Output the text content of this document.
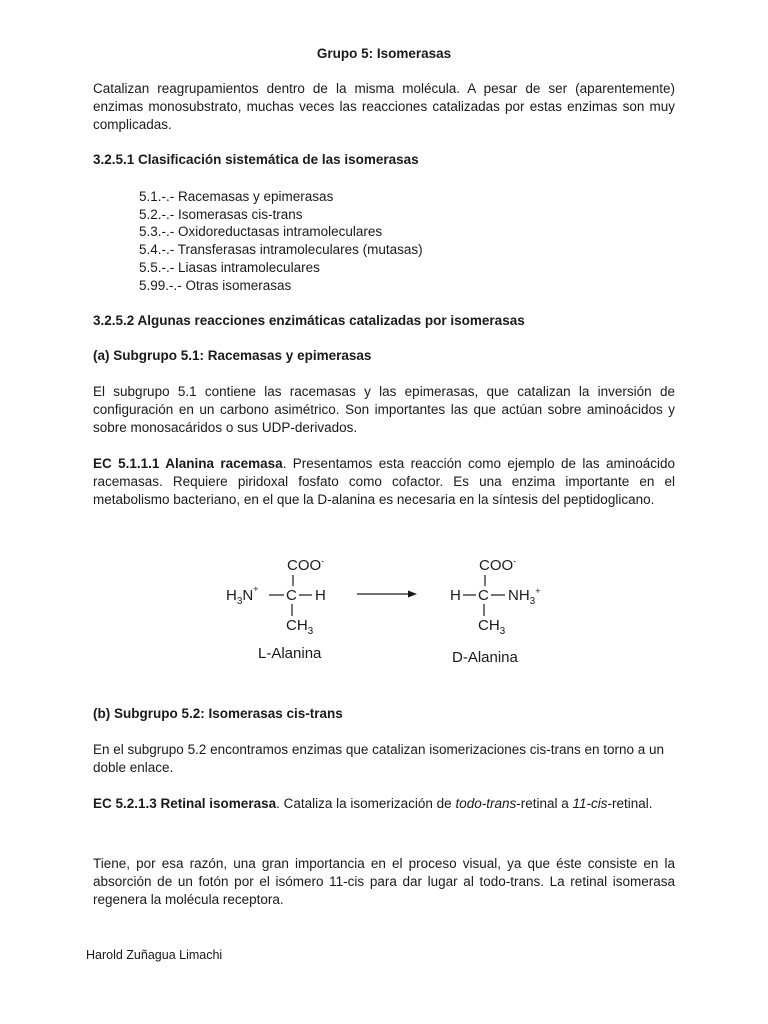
Grupo 5: Isomerasas

Catalizan reagrupamientos dentro de la misma molécula. A pesar de ser (aparentemente) enzimas monosubstrato, muchas veces las reacciones catalizadas por estas enzimas son muy complicadas.

3.2.5.1 Clasificación sistemática de las isomerasas
5.1.-.- Racemasas y epimerasas
5.2.-.- Isomerasas cis-trans
5.3.-.- Oxidoreductasas intramoleculares
5.4.-.- Transferasas intramoleculares (mutasas)
5.5.-.- Liasas intramoleculares
5.99.-.- Otras isomerasas
3.2.5.2 Algunas reacciones enzimáticas catalizadas por isomerasas
(a) Subgrupo 5.1: Racemasas y epimerasas

El subgrupo 5.1 contiene las racemasas y las epimerasas, que catalizan la inversión de configuración en un carbono asimétrico. Son importantes las que actúan sobre aminoácidos y sobre monosacáridos o sus UDP-derivados.

EC 5.1.1.1 Alanina racemasa. Presentamos esta reacción como ejemplo de las aminoácido racemasas. Requiere piridoxal fosfato como cofactor. Es una enzima importante en el metabolismo bacteriano, en el que la D-alanina es necesaria en la síntesis del peptidoglicano.

COO-
$H_3N^+$ C H
$CH_3$
L-Alanina
COO-
H C $NH_3^+$
$CH_3$
D-Alanina
(b) Subgrupo 5.2: Isomerasas cis-trans

En el subgrupo 5.2 encontramos enzimas que catalizan isomerizaciones cis-trans en torno a un doble enlace.

EC 5.2.1.3 Retinal isomerasa. Cataliza la isomerización de todo-trans-retinal a 11-cis-retinal.

Tiene, por esa razón, una gran importancia en el proceso visual, ya que éste consiste en la absorción de un fotón por el isómero 11-cis para dar lugar al todo-trans. La retinal isomerasa regenera la molécula receptora.

Harold Zuñagua Limachi
